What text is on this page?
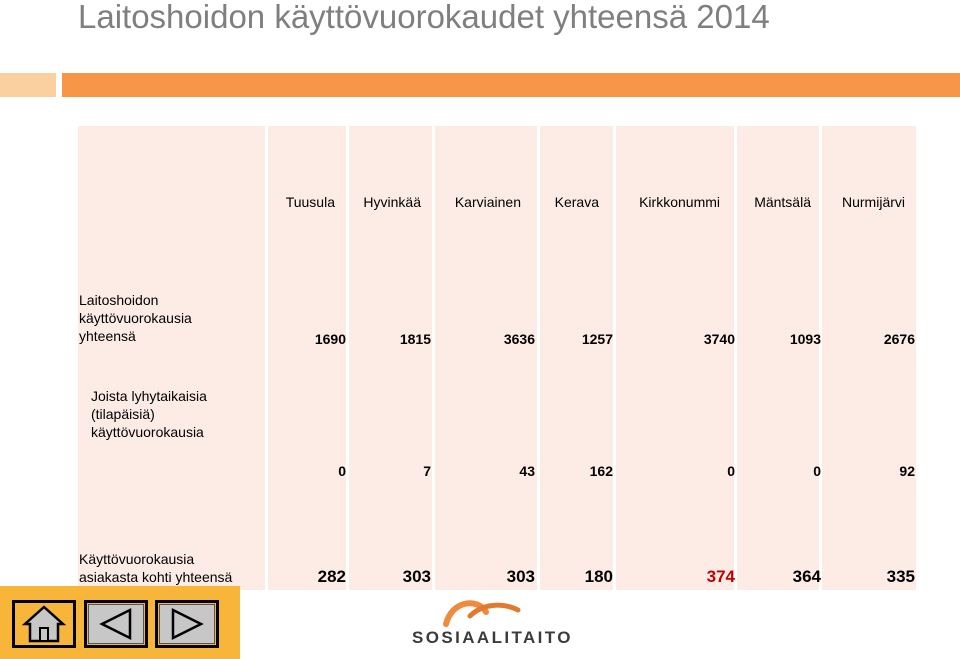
Laitoshoidon käyttövuorokaudet yhteensä 2014
Tuusula Hyvinkää Karviainen Kerava	Kirkkonummi Mäntsälä Nurmijärvi
Laitoshoidon
käyttövuorokausia
yhteensä	1690	1815	3636	1257	3740	1093	2676
Joista lyhytaikaisia
(tilapäisiä)
käyttövuorokausia
0	7	43	162	0	0	92
Käyttövuorokausia
asiakasta kohti yhteensä	282	303	303	180	374	364	335
SOSIAALITAITO
